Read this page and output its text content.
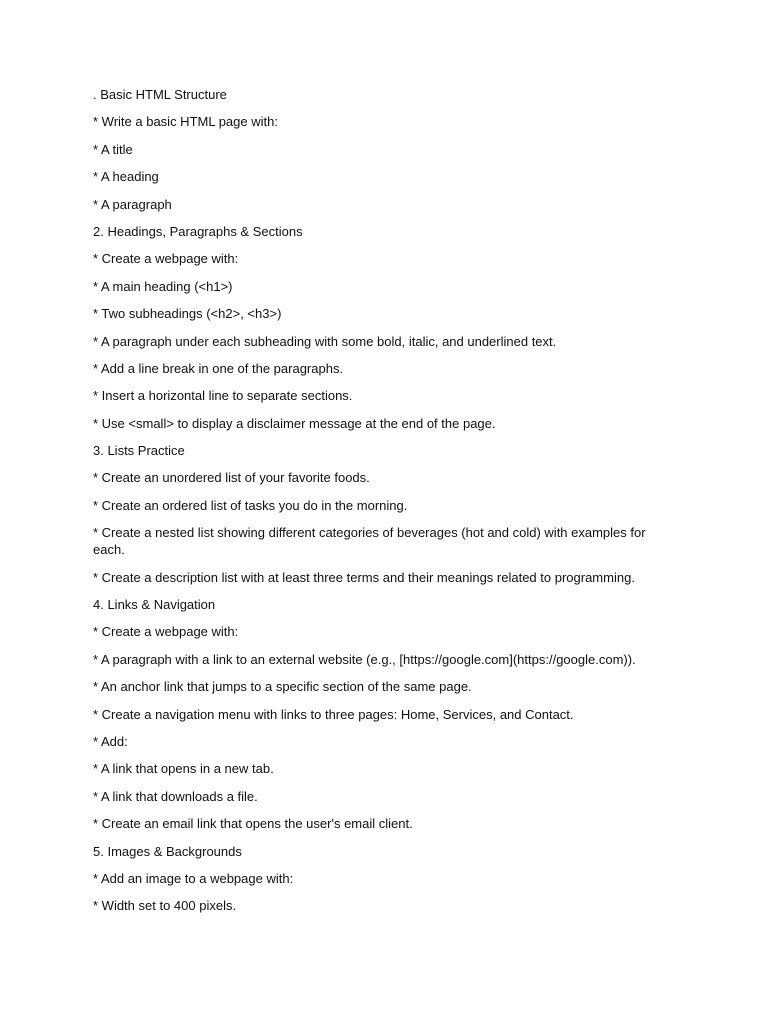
. Basic HTML Structure

* Write a basic HTML page with:

* A title

* A heading

* A paragraph

2. Headings, Paragraphs & Sections

* Create a webpage with:

* A main heading (<h1>)

* Two subheadings (<h2>, <h3>)

* A paragraph under each subheading with some bold, italic, and underlined text.

* Add a line break in one of the paragraphs.

* Insert a horizontal line to separate sections.

* Use <small> to display a disclaimer message at the end of the page.

3. Lists Practice

* Create an unordered list of your favorite foods.

* Create an ordered list of tasks you do in the morning.

* Create a nested list showing different categories of beverages (hot and cold) with examples for each.

* Create a description list with at least three terms and their meanings related to programming.

4. Links & Navigation

* Create a webpage with:

* A paragraph with a link to an external website (e.g., [https://google.com](https://google.com)).

* An anchor link that jumps to a specific section of the same page.

* Create a navigation menu with links to three pages: Home, Services, and Contact.

* Add:

* A link that opens in a new tab.

* A link that downloads a file.

* Create an email link that opens the user's email client.

5. Images & Backgrounds

* Add an image to a webpage with:

* Width set to 400 pixels.
